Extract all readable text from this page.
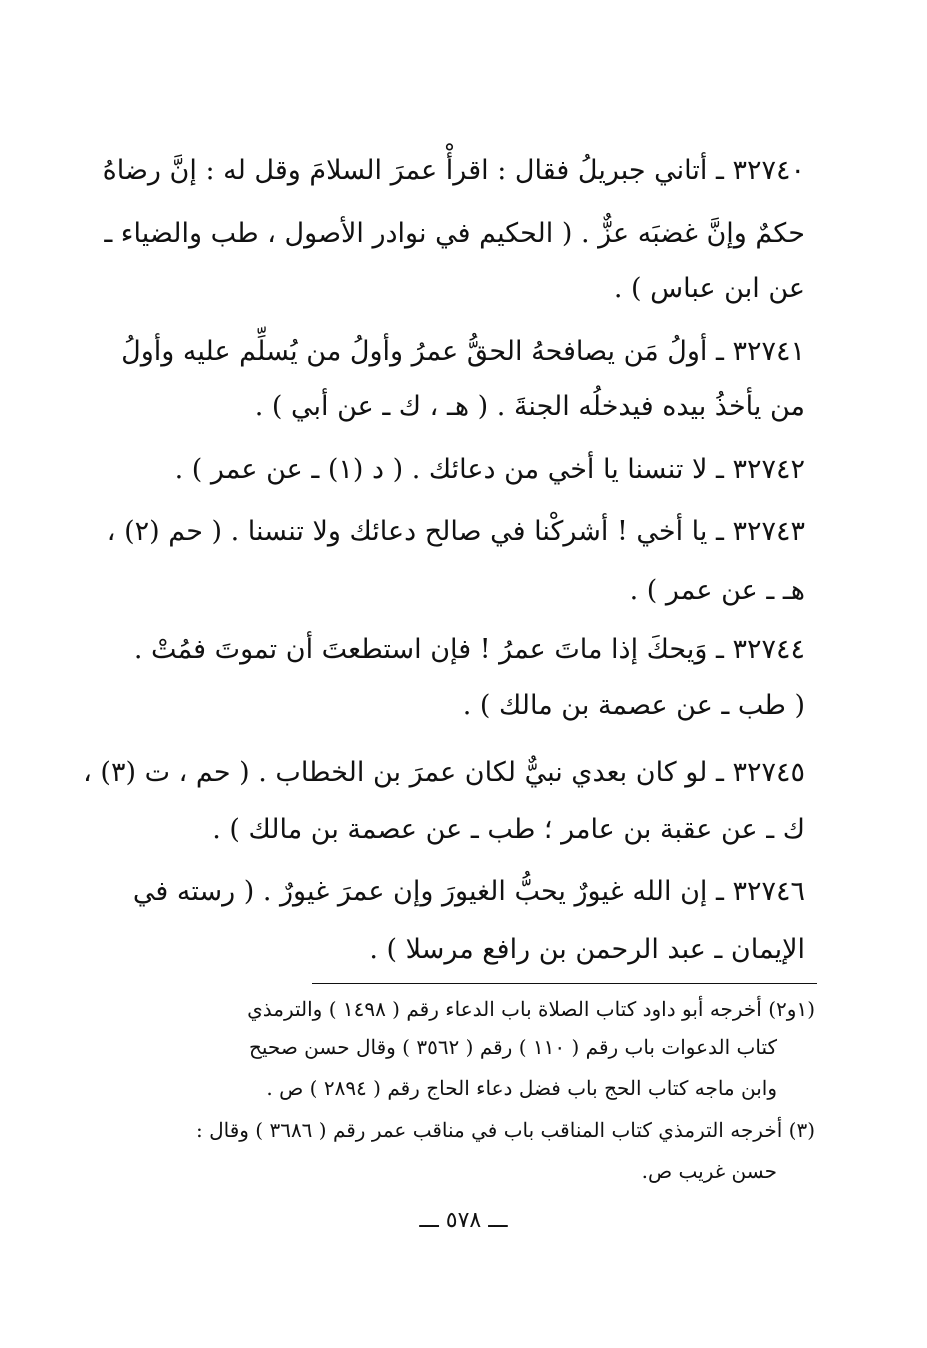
٣٢٧٤٠ ـ أتاني جبريلُ فقال : اقرأْ عمرَ السلامَ وقل له : إنَّ رضاهُ
حكمٌ وإنَّ غضبَه عزٌّ . ( الحكيم في نوادر الأصول ، طب والضياء ـ
عن ابن عباس ) .
٣٢٧٤١ ـ أولُ مَن يصافحهُ الحقُّ عمرُ وأولُ من يُسلِّم عليه وأولُ
من يأخذُ بيده فيدخلُه الجنةَ . ( هـ ، ك ـ عن أبي ) .
٣٢٧٤٢ ـ لا تنسنا يا أخي من دعائك . ( د (١) ـ عن عمر ) .
٣٢٧٤٣ ـ يا أخي ! أشركْنا في صالح دعائك ولا تنسنا . ( حم (٢) ،
هـ ـ عن عمر ) .
٣٢٧٤٤ ـ وَيحكَ إذا ماتَ عمرُ ! فإن استطعتَ أن تموتَ فمُتْ .
( طب ـ عن عصمة بن مالك ) .
٣٢٧٤٥ ـ لو كان بعدي نبيٌّ لكان عمرَ بن الخطاب . ( حم ، ت (٣) ،
ك ـ عن عقبة بن عامر ؛ طب ـ عن عصمة بن مالك ) .
٣٢٧٤٦ ـ إن الله غيورٌ يحبُّ الغيورَ وإن عمرَ غيورٌ . ( رسته في
الإيمان ـ عبد الرحمن بن رافع مرسلا ) .
(١و٢) أخرجه أبو داود كتاب الصلاة باب الدعاء رقم ( ١٤٩٨ ) والترمذي
كتاب الدعوات باب رقم ( ١١٠ ) رقم ( ٣٥٦٢ ) وقال حسن صحيح
وابن ماجه كتاب الحج باب فضل دعاء الحاج رقم ( ٢٨٩٤ ) ص .
(٣) أخرجه الترمذي كتاب المناقب باب في مناقب عمر رقم ( ٣٦٨٦ ) وقال :
حسن غريب ص.
ـــ ٥٧٨ ـــ
